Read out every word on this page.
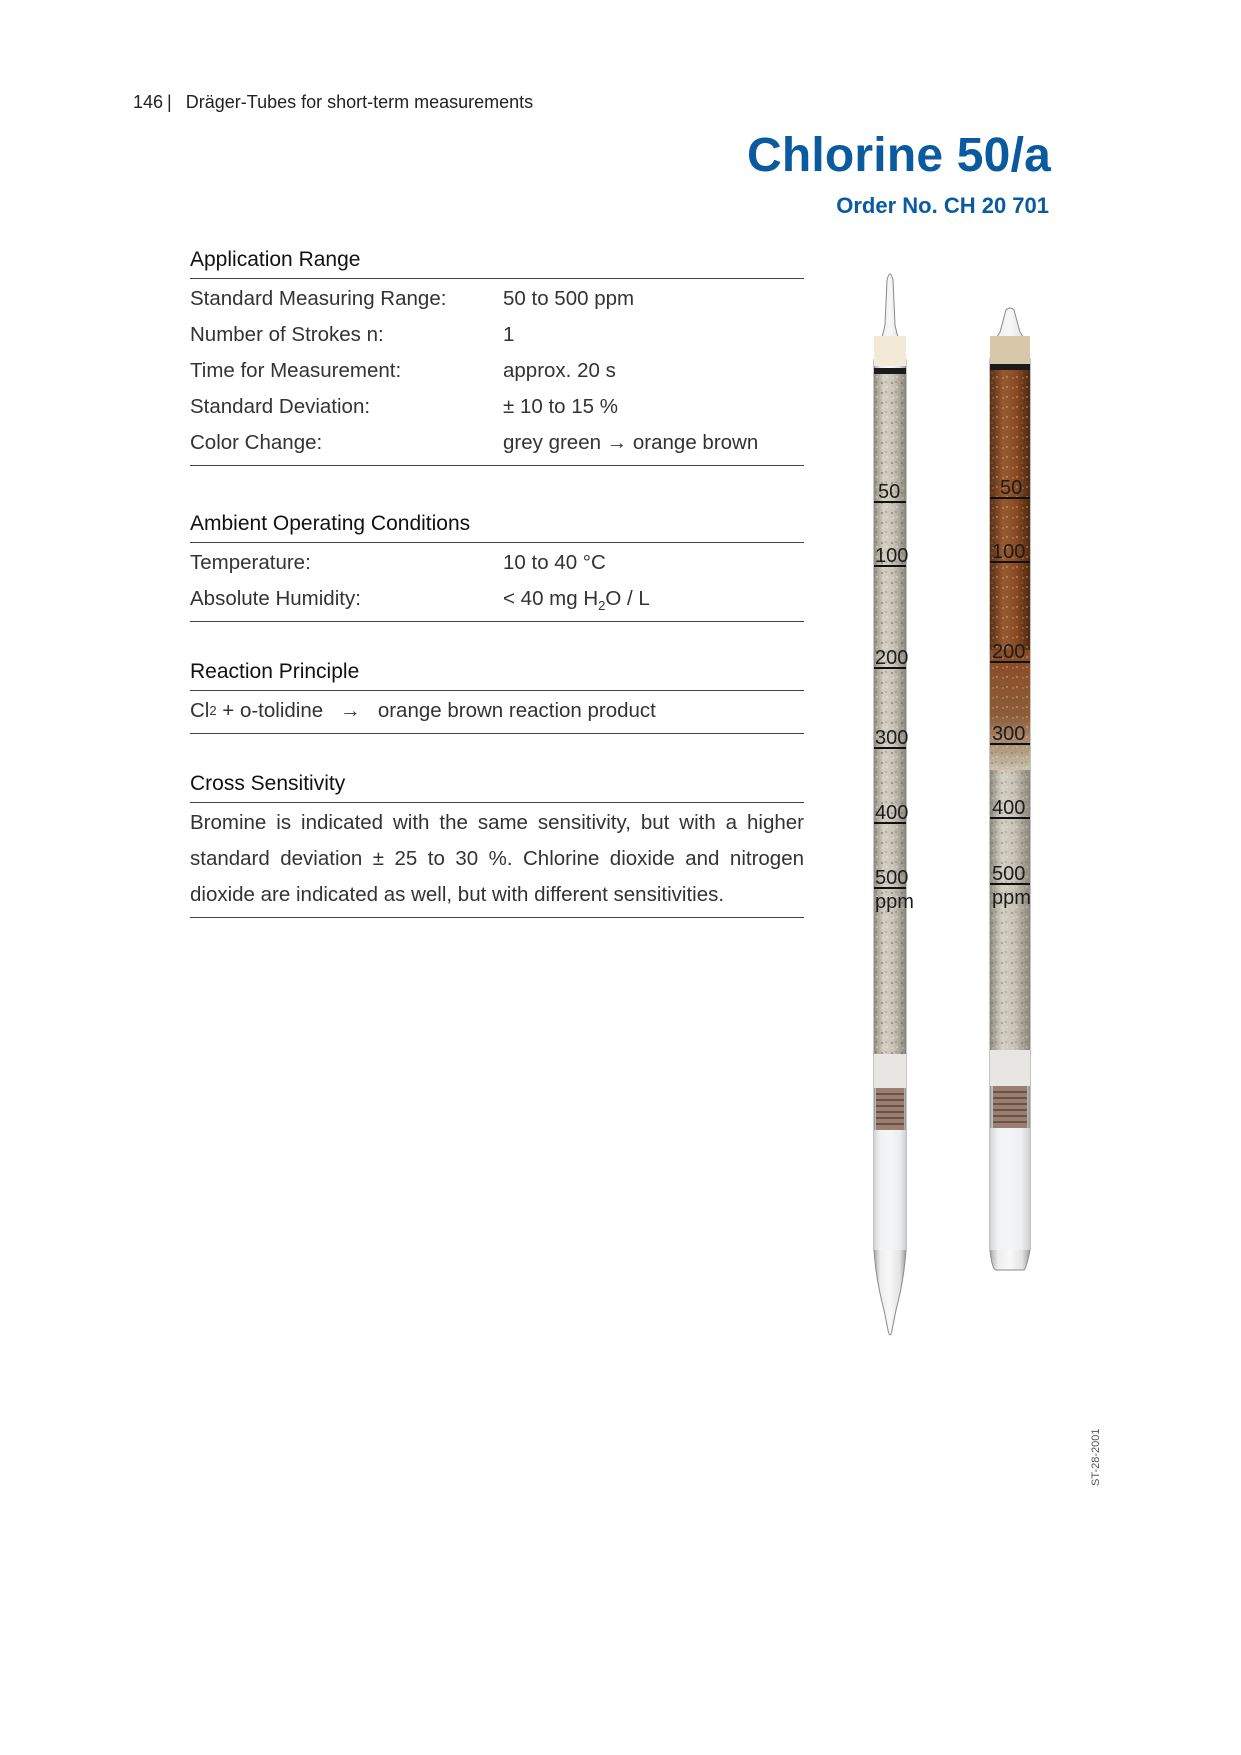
146 | Dräger-Tubes for short-term measurements
Chlorine 50/a
Order No. CH 20 701
Application Range
Standard Measuring Range:	50 to 500 ppm
Number of Strokes n:	1
Time for Measurement:	approx. 20 s
Standard Deviation:	± 10 to 15 %
Color Change:	grey green → orange brown
Ambient Operating Conditions
Temperature:	10 to 40 °C
Absolute Humidity:	< 40 mg $H_2O$ / L
Reaction Principle
Cl 2 + o-tolidine   →   orange brown reaction product
Cross Sensitivity
Bromine is indicated with the same sensitivity, but with a higher standard deviation ± 25 to 30 %. Chlorine dioxide and nitrogen dioxide are indicated as well, but with different sensitivities.
50
100
200
300
400
500
ppm
50
100
200
300
400
500
ppm
ST-28-2001
